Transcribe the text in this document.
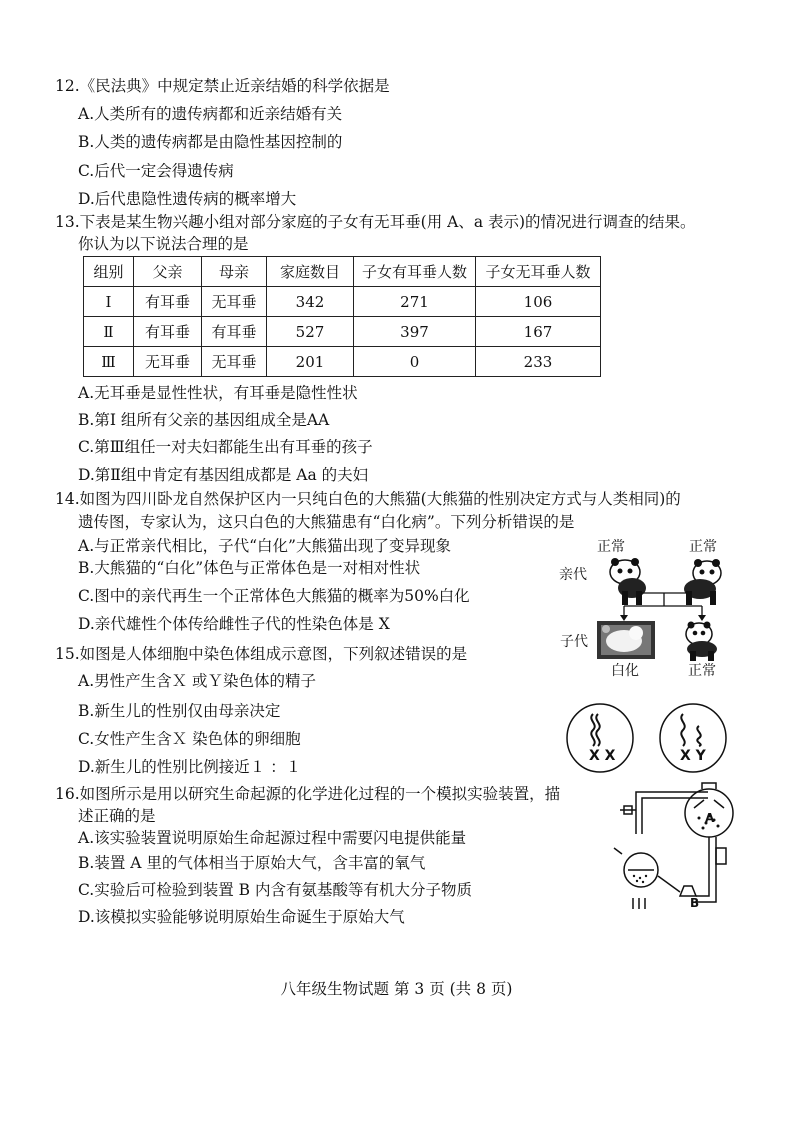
12.《民法典》中规定禁止近亲结婚的科学依据是
A.人类所有的遗传病都和近亲结婚有关
B.人类的遗传病都是由隐性基因控制的
C.后代一定会得遗传病
D.后代患隐性遗传病的概率增大
13.下表是某生物兴趣小组对部分家庭的子女有无耳垂(用 A、a 表示)的情况进行调查的结果。
你认为以下说法合理的是
组别	父亲	母亲	家庭数目	子女有耳垂人数	子女无耳垂人数
Ⅰ	有耳垂	无耳垂	342	271	106
Ⅱ	有耳垂	有耳垂	527	397	167
Ⅲ	无耳垂	无耳垂	201	0	233
A.无耳垂是显性性状，有耳垂是隐性性状
B.第Ⅰ 组所有父亲的基因组成全是AA
C.第Ⅲ组任一对夫妇都能生出有耳垂的孩子
D.第Ⅱ组中肯定有基因组成都是 Aa 的夫妇
14.如图为四川卧龙自然保护区内一只纯白色的大熊猫(大熊猫的性别决定方式与人类相同)的
遗传图，专家认为，这只白色的大熊猫患有“白化病”。下列分析错误的是
A.与正常亲代相比，子代“白化”大熊猫出现了变异现象
B.大熊猫的“白化”体色与正常体色是一对相对性状
C.图中的亲代再生一个正常体色大熊猫的概率为50%白化
D.亲代雄性个体传给雌性子代的性染色体是 X
正常	正常
亲代
子代
白化	正常
15.如图是人体细胞中染色体组成示意图，下列叙述错误的是
A.男性产生含Ｘ 或Ｙ染色体的精子
B.新生儿的性别仅由母亲决定
C.女性产生含Ｘ 染色体的卵细胞
D.新生儿的性别比例接近１ ：１
X X	X Y
16.如图所示是用以研究生命起源的化学进化过程的一个模拟实验装置，描
述正确的是
A.该实验装置说明原始生命起源过程中需要闪电提供能量
B.装置 A 里的气体相当于原始大气，含丰富的氧气
C.实验后可检验到装置 B 内含有氨基酸等有机大分子物质
D.该模拟实验能够说明原始生命诞生于原始大气
A
B
八年级生物试题 第 3 页 (共 8 页)
